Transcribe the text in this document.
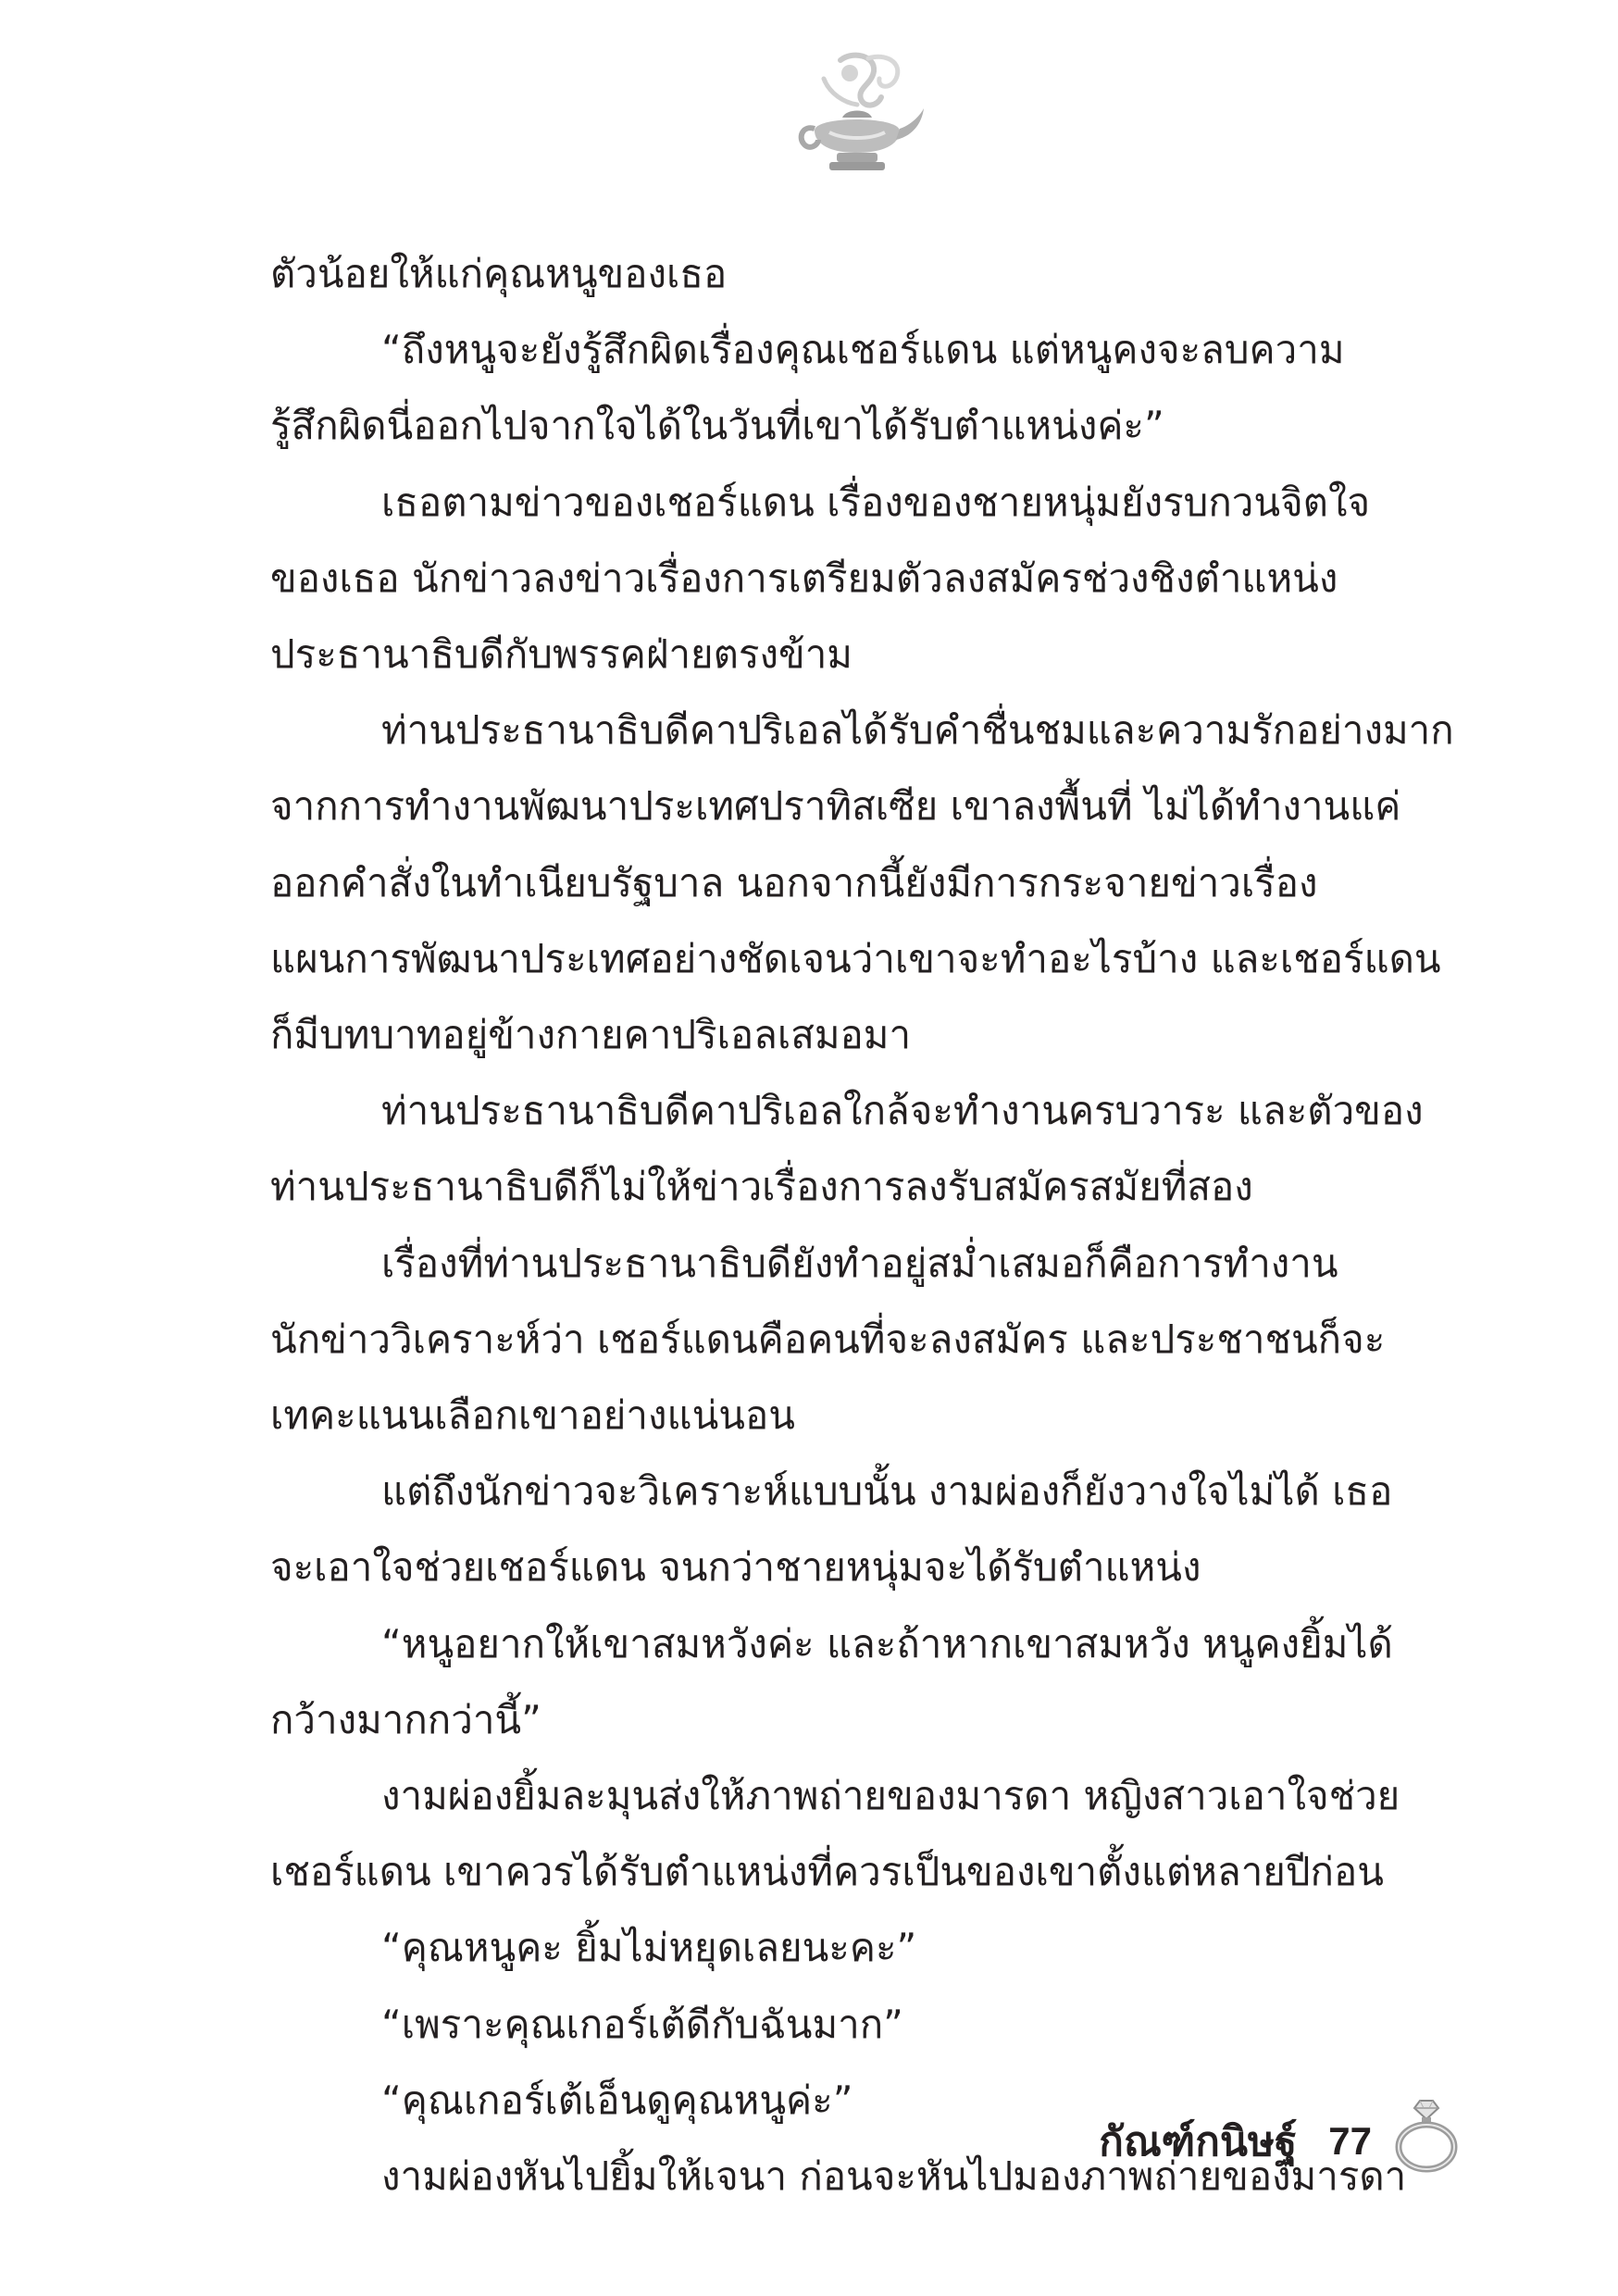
ตัวน้อยให้แก่คุณหนูของเธอ

“ถึงหนูจะยังรู้สึกผิดเรื่องคุณเชอร์แดน แต่หนูคงจะลบความ

รู้สึกผิดนี่ออกไปจากใจได้ในวันที่เขาได้รับตำแหน่งค่ะ”

เธอตามข่าวของเชอร์แดน เรื่องของชายหนุ่มยังรบกวนจิตใจ

ของเธอ นักข่าวลงข่าวเรื่องการเตรียมตัวลงสมัครช่วงชิงตำแหน่ง

ประธานาธิบดีกับพรรคฝ่ายตรงข้าม

ท่านประธานาธิบดีคาปริเอลได้รับคำชื่นชมและความรักอย่างมาก

จากการทำงานพัฒนาประเทศปราทิสเซีย เขาลงพื้นที่ ไม่ได้ทำงานแค่

ออกคำสั่งในทำเนียบรัฐบาล นอกจากนี้ยังมีการกระจายข่าวเรื่อง

แผนการพัฒนาประเทศอย่างชัดเจนว่าเขาจะทำอะไรบ้าง และเชอร์แดน

ก็มีบทบาทอยู่ข้างกายคาปริเอลเสมอมา

ท่านประธานาธิบดีคาปริเอลใกล้จะทำงานครบวาระ และตัวของ

ท่านประธานาธิบดีก็ไม่ให้ข่าวเรื่องการลงรับสมัครสมัยที่สอง

เรื่องที่ท่านประธานาธิบดียังทำอยู่สม่ำเสมอก็คือการทำงาน

นักข่าววิเคราะห์ว่า เชอร์แดนคือคนที่จะลงสมัคร และประชาชนก็จะ

เทคะแนนเลือกเขาอย่างแน่นอน

แต่ถึงนักข่าวจะวิเคราะห์แบบนั้น งามผ่องก็ยังวางใจไม่ได้ เธอ

จะเอาใจช่วยเชอร์แดน จนกว่าชายหนุ่มจะได้รับตำแหน่ง

“หนูอยากให้เขาสมหวังค่ะ และถ้าหากเขาสมหวัง หนูคงยิ้มได้

กว้างมากกว่านี้”

งามผ่องยิ้มละมุนส่งให้ภาพถ่ายของมารดา หญิงสาวเอาใจช่วย

เชอร์แดน เขาควรได้รับตำแหน่งที่ควรเป็นของเขาตั้งแต่หลายปีก่อน

“คุณหนูคะ ยิ้มไม่หยุดเลยนะคะ”

“เพราะคุณเกอร์เต้ดีกับฉันมาก”

“คุณเกอร์เต้เอ็นดูคุณหนูค่ะ”

งามผ่องหันไปยิ้มให้เจนา ก่อนจะหันไปมองภาพถ่ายของมารดา

กัณฑ์กนิษฐ์ 77
